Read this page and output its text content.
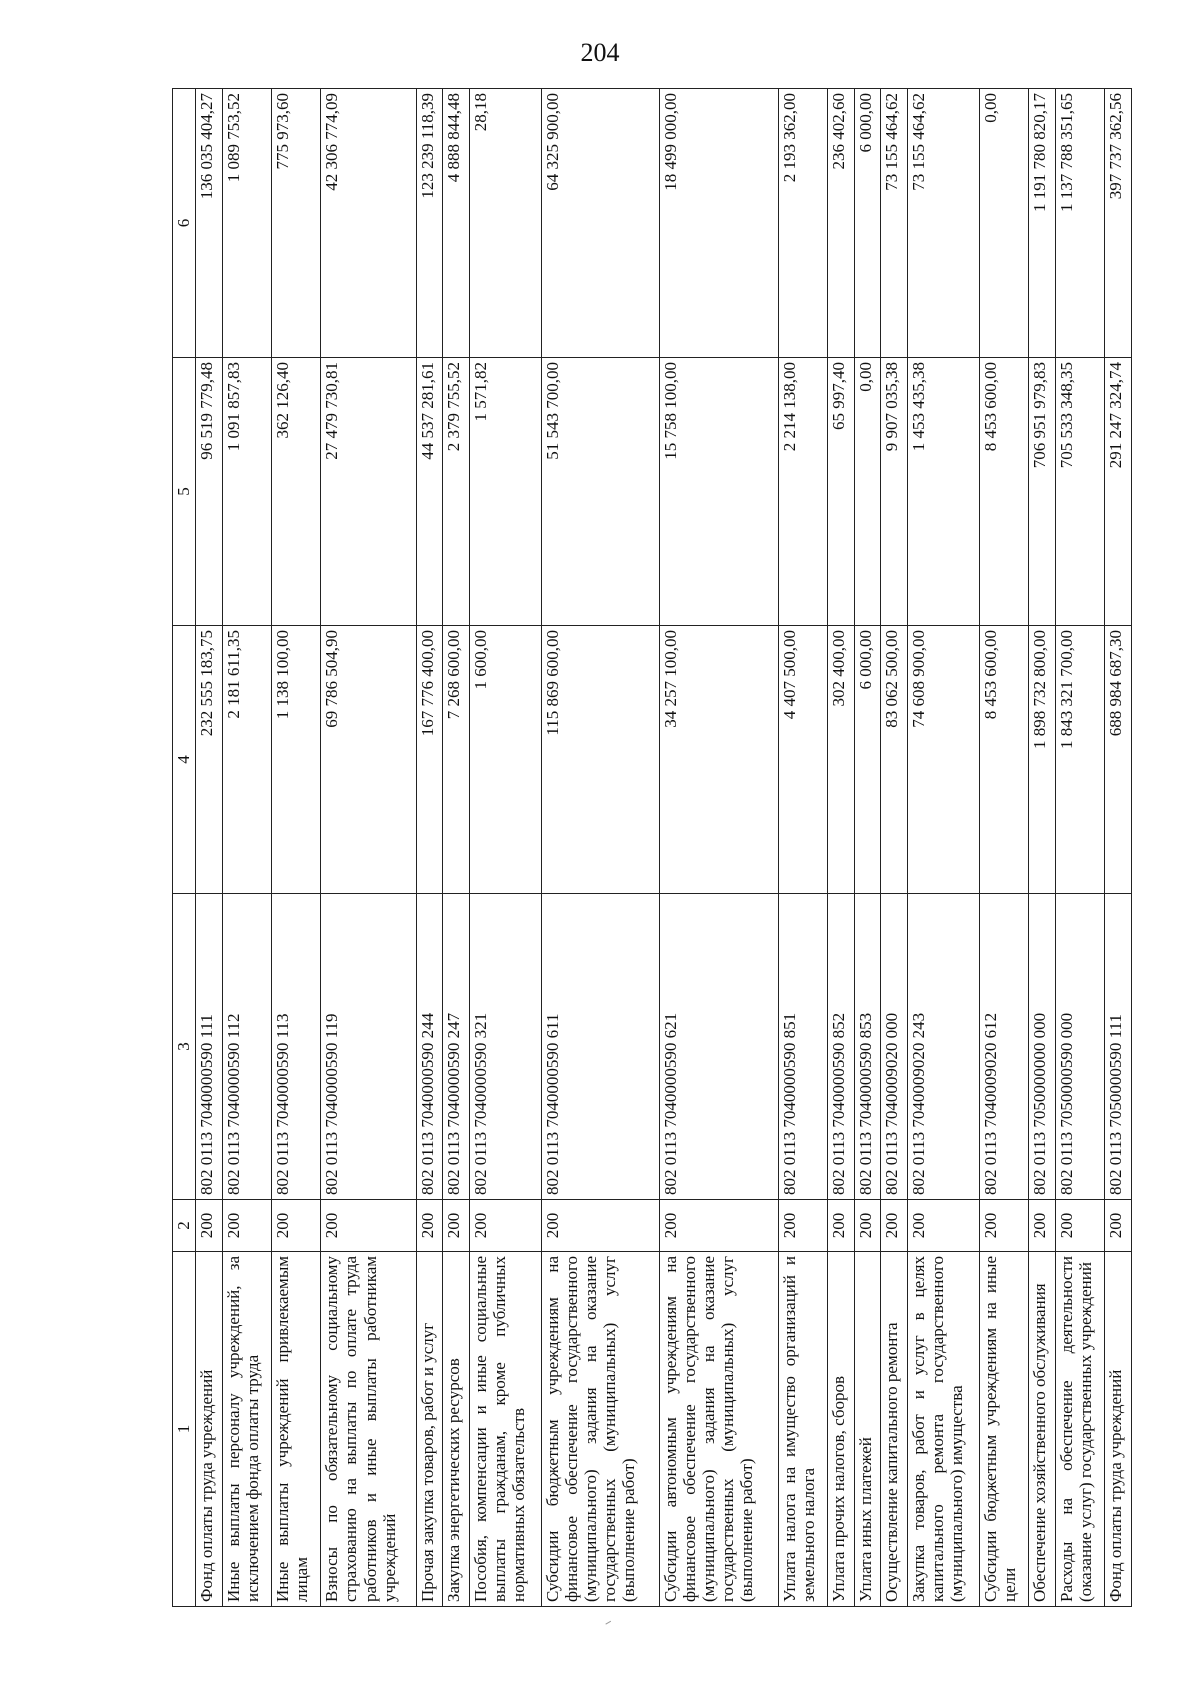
204
1	2	3	4	5	6
Фонд оплаты труда учреждений	200	802 0113 7040000590 111	232 555 183,75	96 519 779,48	136 035 404,27
Иные выплаты персоналу учреждений, за исключением фонда оплаты труда	200	802 0113 7040000590 112	2 181 611,35	1 091 857,83	1 089 753,52
Иные выплаты учреждений привлекаемым лицам	200	802 0113 7040000590 113	1 138 100,00	362 126,40	775 973,60
Взносы по обязательному социальному страхованию на выплаты по оплате труда работников и иные выплаты работникам учреждений	200	802 0113 7040000590 119	69 786 504,90	27 479 730,81	42 306 774,09
Прочая закупка товаров, работ и услуг	200	802 0113 7040000590 244	167 776 400,00	44 537 281,61	123 239 118,39
Закупка энергетических ресурсов	200	802 0113 7040000590 247	7 268 600,00	2 379 755,52	4 888 844,48
Пособия, компенсации и иные социальные выплаты гражданам, кроме публичных нормативных обязательств	200	802 0113 7040000590 321	1 600,00	1 571,82	28,18
Субсидии бюджетным учреждениям на финансовое обеспечение государственного (муниципального) задания на оказание государственных (муниципальных) услуг (выполнение работ)	200	802 0113 7040000590 611	115 869 600,00	51 543 700,00	64 325 900,00
Субсидии автономным учреждениям на финансовое обеспечение государственного (муниципального) задания на оказание государственных (муниципальных) услуг (выполнение работ)	200	802 0113 7040000590 621	34 257 100,00	15 758 100,00	18 499 000,00
Уплата налога на имущество организаций и земельного налога	200	802 0113 7040000590 851	4 407 500,00	2 214 138,00	2 193 362,00
Уплата прочих налогов, сборов	200	802 0113 7040000590 852	302 400,00	65 997,40	236 402,60
Уплата иных платежей	200	802 0113 7040000590 853	6 000,00	0,00	6 000,00
Осуществление капитального ремонта	200	802 0113 7040009020 000	83 062 500,00	9 907 035,38	73 155 464,62
Закупка товаров, работ и услуг в целях капитального ремонта государственного (муниципального) имущества	200	802 0113 7040009020 243	74 608 900,00	1 453 435,38	73 155 464,62
Субсидии бюджетным учреждениям на иные цели	200	802 0113 7040009020 612	8 453 600,00	8 453 600,00	0,00
Обеспечение хозяйственного обслуживания	200	802 0113 7050000000 000	1 898 732 800,00	706 951 979,83	1 191 780 820,17
Расходы на обеспечение деятельности (оказание услуг) государственных учреждений	200	802 0113 7050000590 000	1 843 321 700,00	705 533 348,35	1 137 788 351,65
Фонд оплаты труда учреждений	200	802 0113 7050000590 111	688 984 687,30	291 247 324,74	397 737 362,56
